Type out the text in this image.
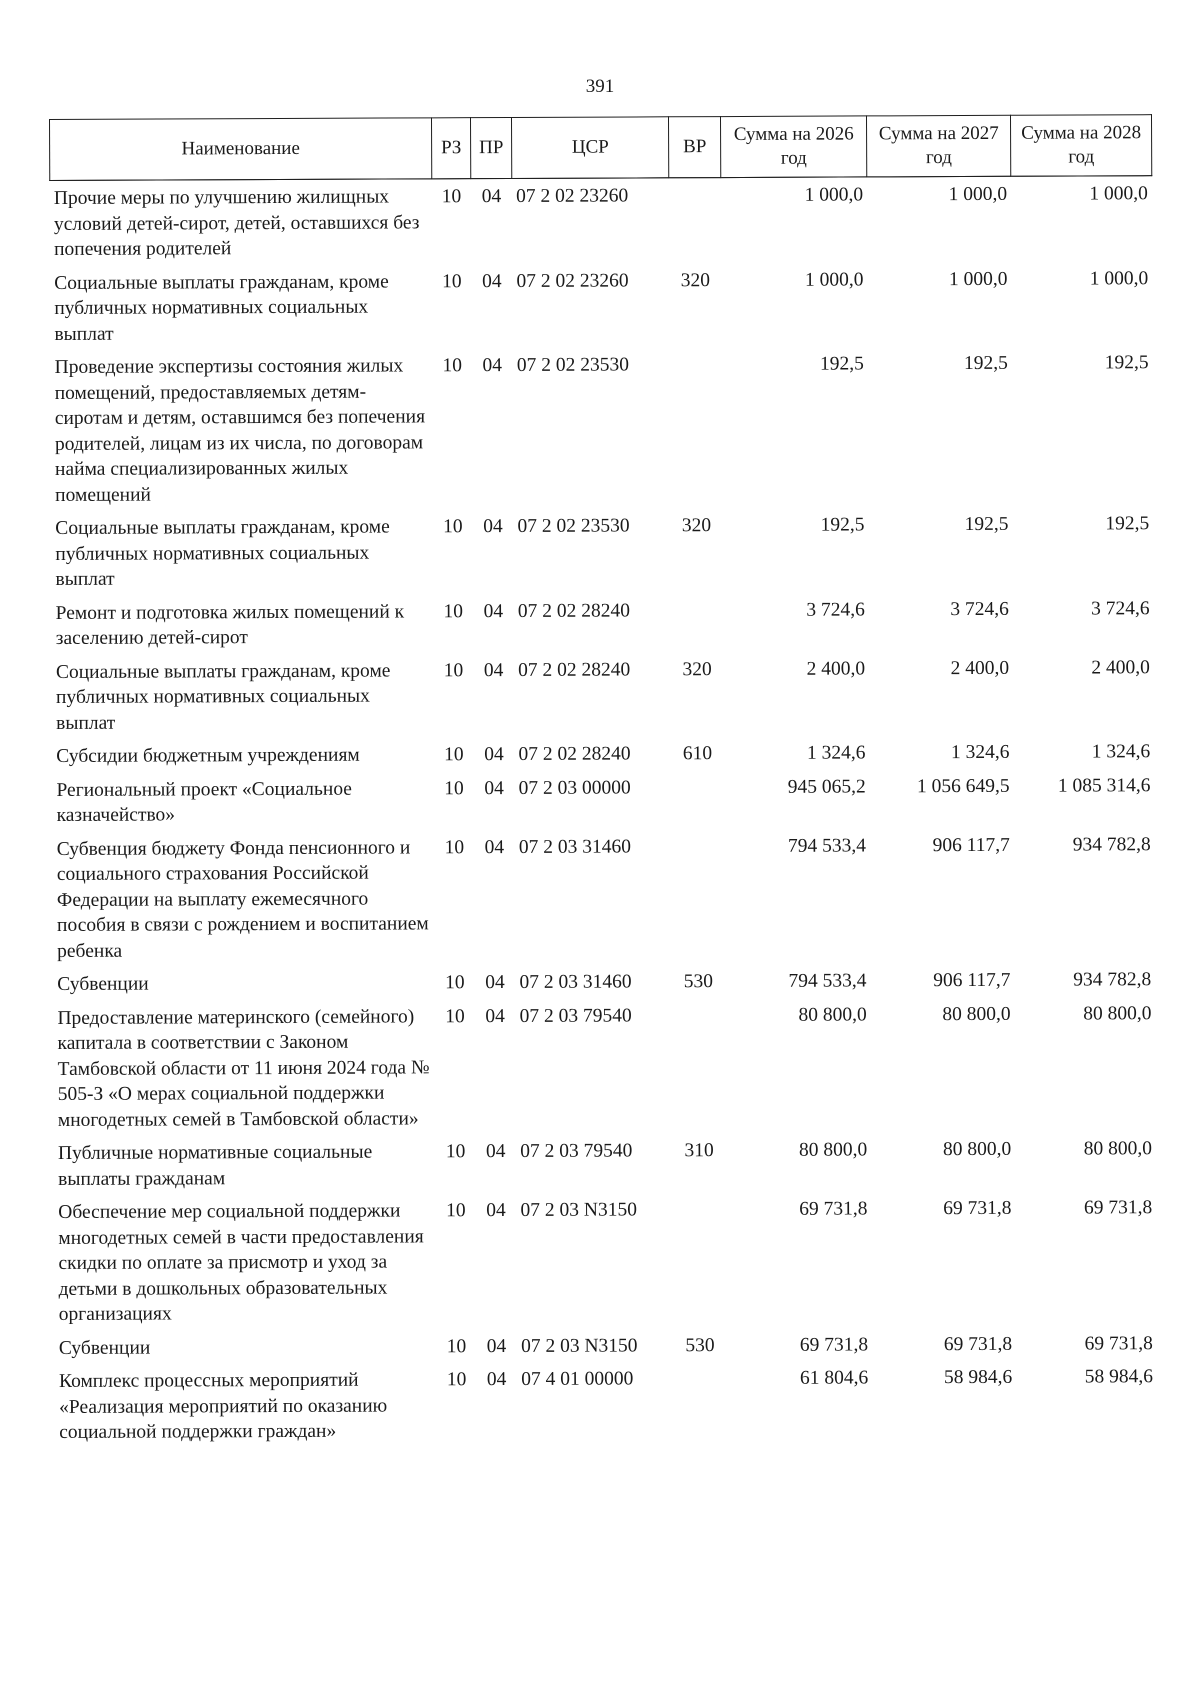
391
Наименование	РЗ	ПР	ЦСР	ВР	Сумма на 2026 год	Сумма на 2027 год	Сумма на 2028 год
Прочие меры по улучшению жилищных условий детей-сирот, детей, оставшихся без попечения родителей	10	04	07 2 02 23260		1 000,0	1 000,0	1 000,0
Социальные выплаты гражданам, кроме публичных нормативных социальных выплат	10	04	07 2 02 23260	320	1 000,0	1 000,0	1 000,0
Проведение экспертизы состояния жилых помещений, предоставляемых детям-сиротам и детям, оставшимся без попечения родителей, лицам из их числа, по договорам найма специализированных жилых помещений	10	04	07 2 02 23530		192,5	192,5	192,5
Социальные выплаты гражданам, кроме публичных нормативных социальных выплат	10	04	07 2 02 23530	320	192,5	192,5	192,5
Ремонт и подготовка жилых помещений к заселению детей-сирот	10	04	07 2 02 28240		3 724,6	3 724,6	3 724,6
Социальные выплаты гражданам, кроме публичных нормативных социальных выплат	10	04	07 2 02 28240	320	2 400,0	2 400,0	2 400,0
Субсидии бюджетным учреждениям	10	04	07 2 02 28240	610	1 324,6	1 324,6	1 324,6
Региональный проект «Социальное казначейство»	10	04	07 2 03 00000		945 065,2	1 056 649,5	1 085 314,6
Субвенция бюджету Фонда пенсионного и социального страхования Российской Федерации на выплату ежемесячного пособия в связи с рождением и воспитанием ребенка	10	04	07 2 03 31460		794 533,4	906 117,7	934 782,8
Субвенции	10	04	07 2 03 31460	530	794 533,4	906 117,7	934 782,8
Предоставление материнского (семейного) капитала в соответствии с Законом Тамбовской области от 11 июня 2024 года № 505-З «О мерах социальной поддержки многодетных семей в Тамбовской области»	10	04	07 2 03 79540		80 800,0	80 800,0	80 800,0
Публичные нормативные социальные выплаты гражданам	10	04	07 2 03 79540	310	80 800,0	80 800,0	80 800,0
Обеспечение мер социальной поддержки многодетных семей в части предоставления скидки по оплате за присмотр и уход за детьми в дошкольных образовательных организациях	10	04	07 2 03 N3150		69 731,8	69 731,8	69 731,8
Субвенции	10	04	07 2 03 N3150	530	69 731,8	69 731,8	69 731,8
Комплекс процессных мероприятий «Реализация мероприятий по оказанию социальной поддержки граждан»	10	04	07 4 01 00000		61 804,6	58 984,6	58 984,6
